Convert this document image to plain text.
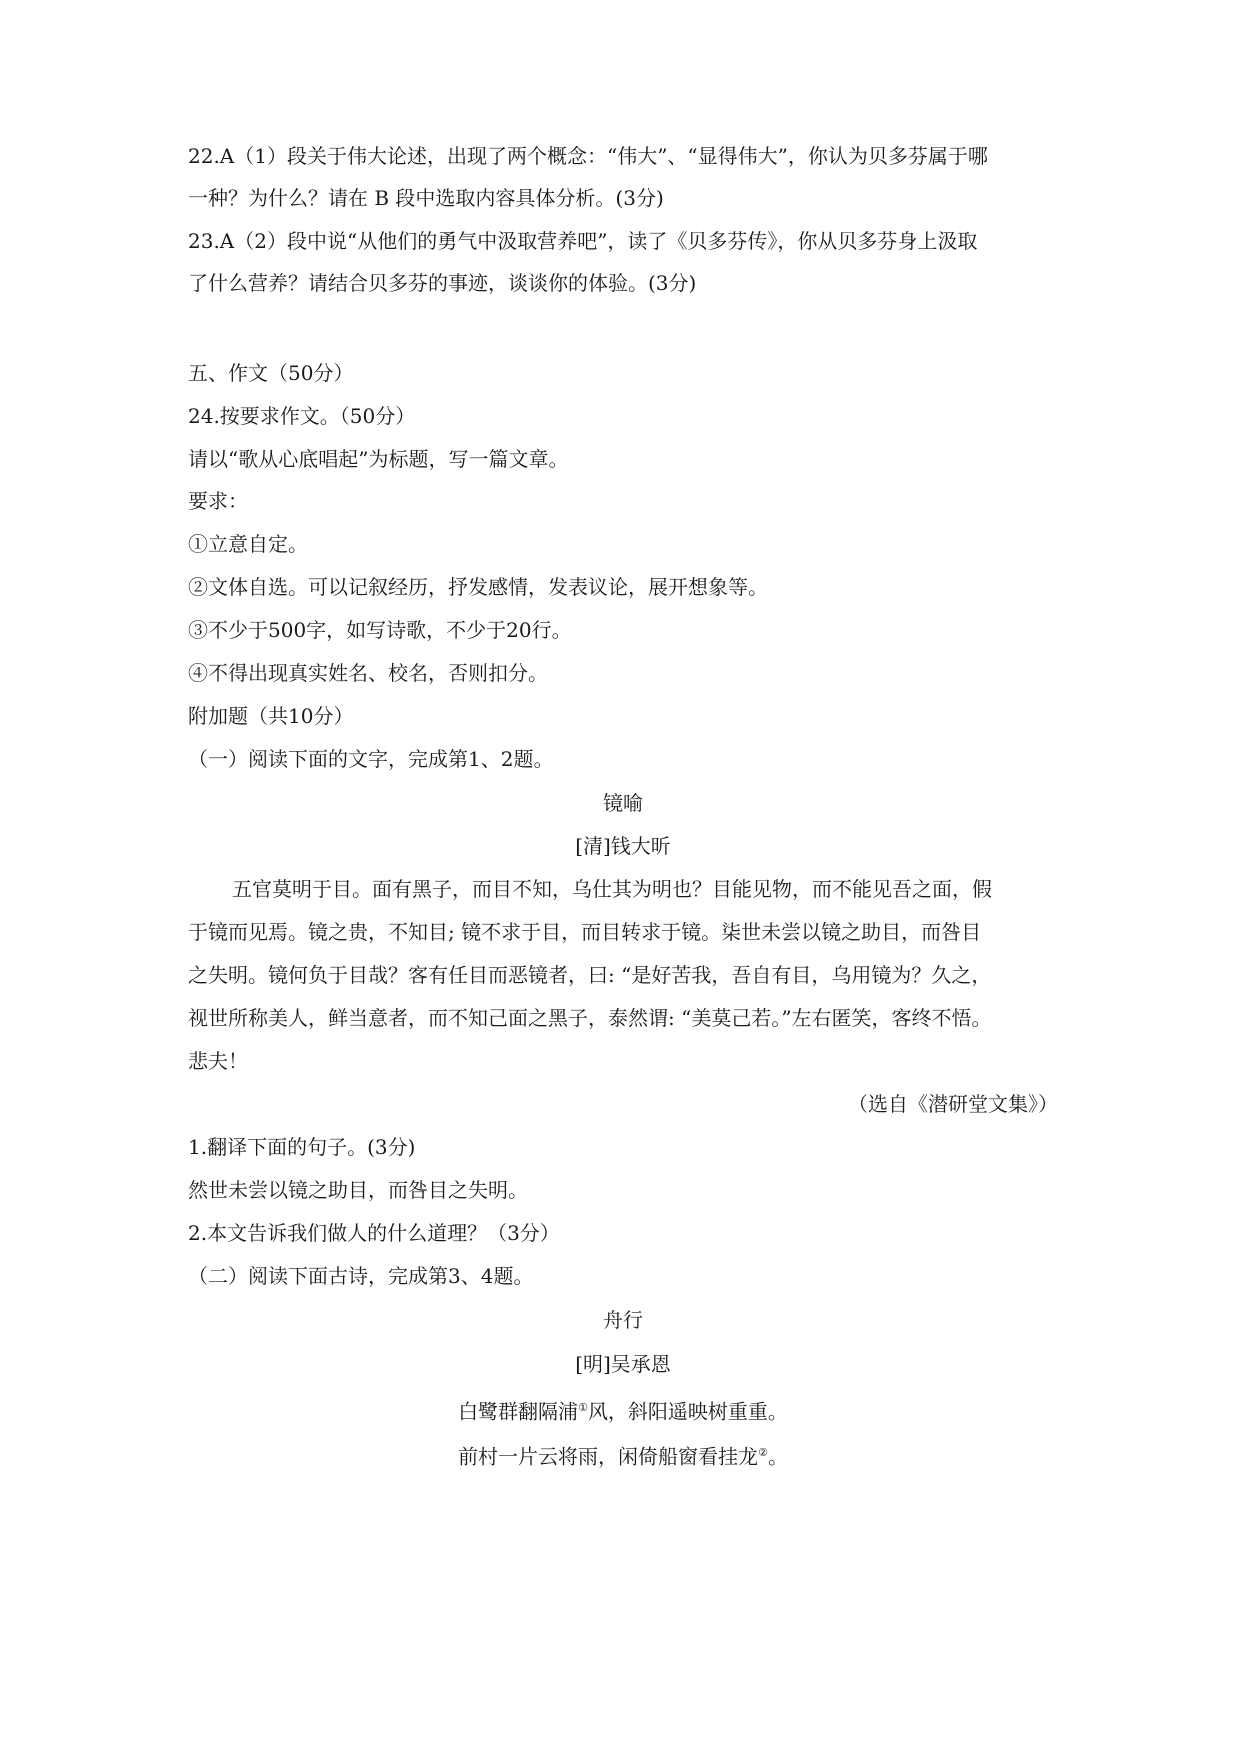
22.A（1）段关于伟大论述，出现了两个概念：“伟大”、“显得伟大”，你认为贝多芬属于哪
一种？为什么？请在 B 段中选取内容具体分析。(3分)
23.A（2）段中说“从他们的勇气中汲取营养吧”，读了《贝多芬传》，你从贝多芬身上汲取
了什么营养？请结合贝多芬的事迹，谈谈你的体验。(3分)
五、作文（50分）
24.按要求作文。（50分）
请以“歌从心底唱起”为标题，写一篇文章。
要求：
①立意自定。
②文体自选。可以记叙经历，抒发感情，发表议论，展开想象等。
③不少于500字，如写诗歌，不少于20行。
④不得出现真实姓名、校名，否则扣分。
附加题（共10分）
（一）阅读下面的文字，完成第1、2题。
镜喻
[清]钱大昕
五官莫明于目。面有黑子，而目不知，乌仕其为明也？目能见物，而不能见吾之面，假
于镜而见焉。镜之贵，不知目; 镜不求于目，而目转求于镜。柒世未尝以镜之助目，而咎目
之失明。镜何负于目哉？客有任目而恶镜者，曰: “是好苦我，吾自有目，乌用镜为？久之，
视世所称美人，鲜当意者，而不知己面之黑子，泰然谓: “美莫己若。”左右匿笑，客终不悟。
悲夫！
（选自《潜研堂文集》）
1.翻译下面的句子。(3分)
然世未尝以镜之助目，而咎目之失明。
2.本文告诉我们做人的什么道理？（3分）
（二）阅读下面古诗，完成第3、4题。
舟行
[明]吴承恩
白鹭群翻隔浦①风，斜阳遥映树重重。
前村一片云将雨，闲倚船窗看挂龙②。
